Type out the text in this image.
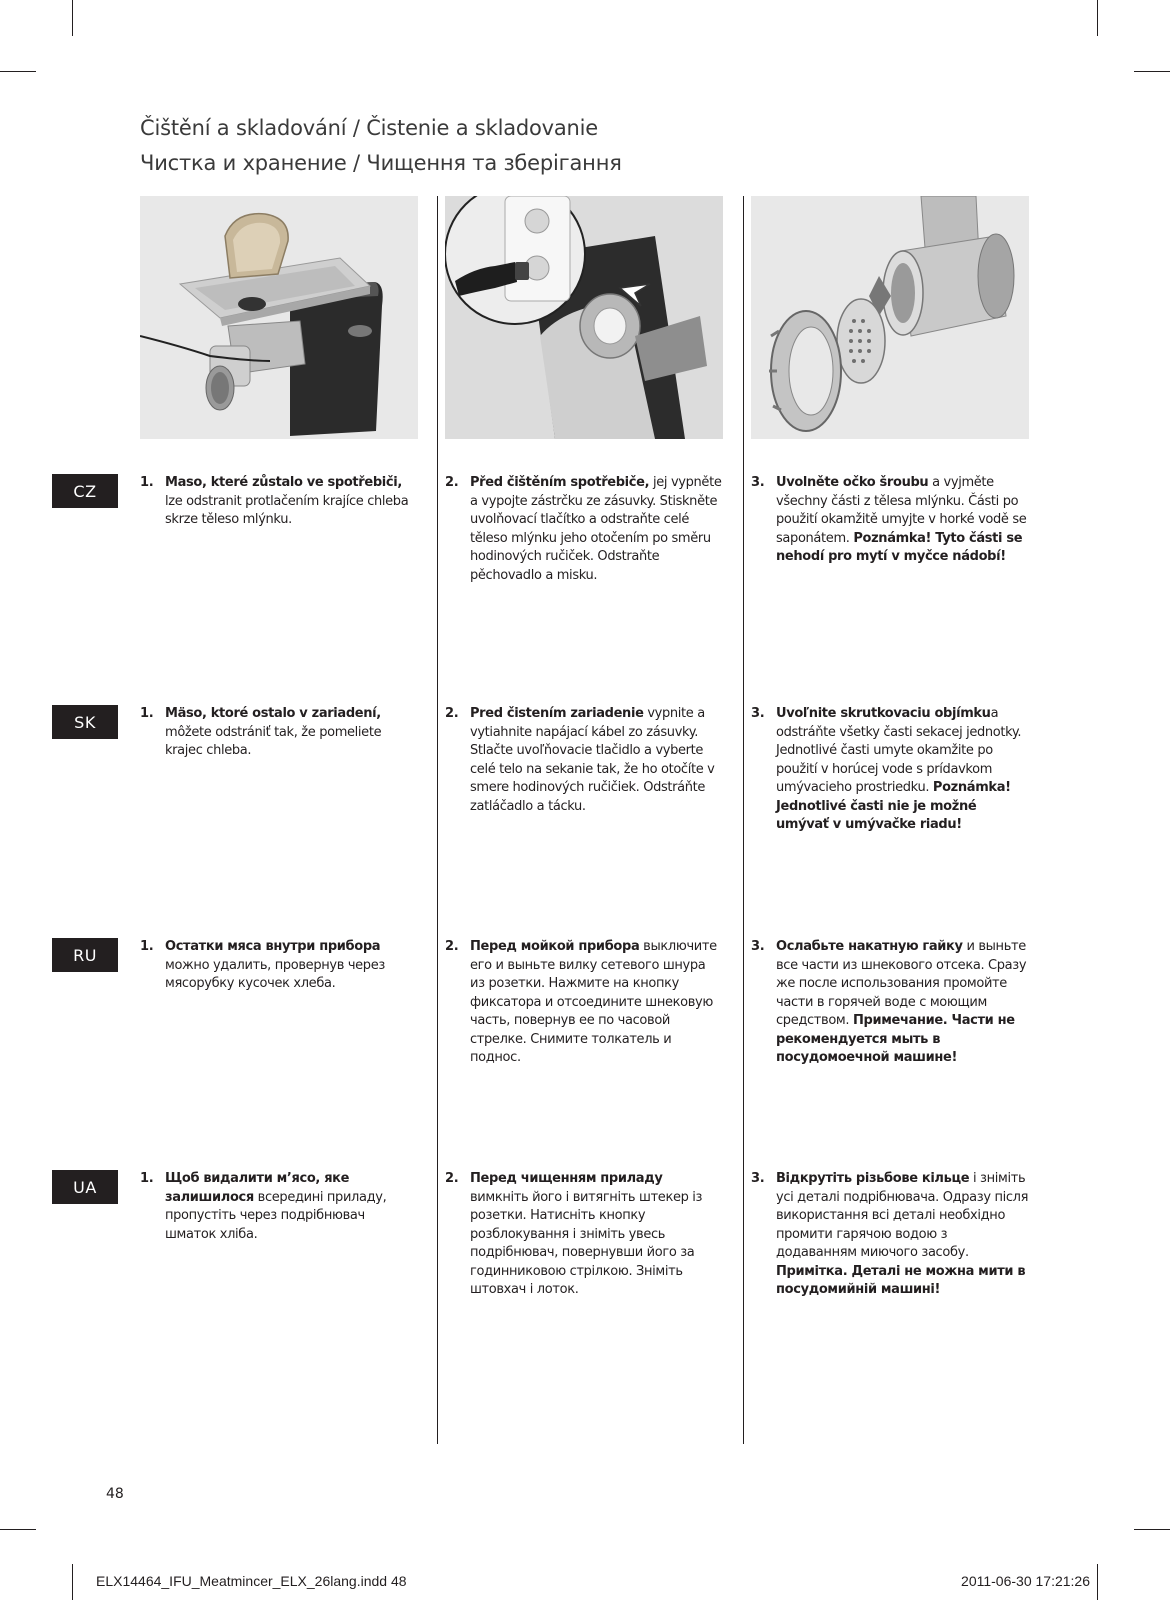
Čištění a skladování / Čistenie a skladovanie
Чистка и хранение / Чищення та зберігання
CZ	1. Maso, které zůstalo ve spotřebiči, lze odstranit protlačením krajíce chleba skrze těleso mlýnku.
2. Před čištěním spotřebiče, jej vypněte a vypojte zástrčku ze zásuvky. Stiskněte uvolňovací tlačítko a odstraňte celé těleso mlýnku jeho otočením po směru hodinových ručiček. Odstraňte pěchovadlo a misku.
3. Uvolněte očko šroubu a vyjměte všechny části z tělesa mlýnku. Části po použití okamžitě umyjte v horké vodě se saponátem. Poznámka! Tyto části se nehodí pro mytí v myčce nádobí!
SK	1. Mäso, ktoré ostalo v zariadení, môžete odstrániť tak, že pomeliete krajec chleba.
2. Pred čistením zariadenie vypnite a vytiahnite napájací kábel zo zásuvky. Stlačte uvoľňovacie tlačidlo a vyberte celé telo na sekanie tak, že ho otočíte v smere hodinových ručičiek. Odstráňte zatláčadlo a tácku.
3. Uvoľnite skrutkovaciu objímkua odstráňte všetky časti sekacej jednotky. Jednotlivé časti umyte okamžite po použití v horúcej vode s prídavkom umývacieho prostriedku. Poznámka! Jednotlivé časti nie je možné umývať v umývačke riadu!
RU	1. Остатки мяса внутри прибора можно удалить, провернув через мясорубку кусочек хлеба.
2. Перед мойкой прибора выключите его и выньте вилку сетевого шнура из розетки. Нажмите на кнопку фиксатора и отсоедините шнековую часть, повернув ее по часовой стрелке. Снимите толкатель и поднос.
3. Ослабьте накатную гайку и выньте все части из шнекового отсека. Сразу же после использования промойте части в горячей воде с моющим средством. Примечание. Части не рекомендуется мыть в посудомоечной машине!
UA	1. Щоб видалити м’ясо, яке залишилося всередині приладу, пропустіть через подрібнювач шматок хліба.
2. Перед чищенням приладу вимкніть його і витягніть штекер із розетки. Натисніть кнопку розблокування і зніміть увесь подрібнювач, повернувши його за годинниковою стрілкою. Зніміть штовхач і лоток.
3. Відкрутіть різьбове кільце і зніміть усі деталі подрібнювача. Одразу після використання всі деталі необхідно промити гарячою водою з додаванням миючого засобу. Примітка. Деталі не можна мити в посудомийній машині!
48
ELX14464_IFU_Meatmincer_ELX_26lang.indd 48	2011-06-30 17:21:26
